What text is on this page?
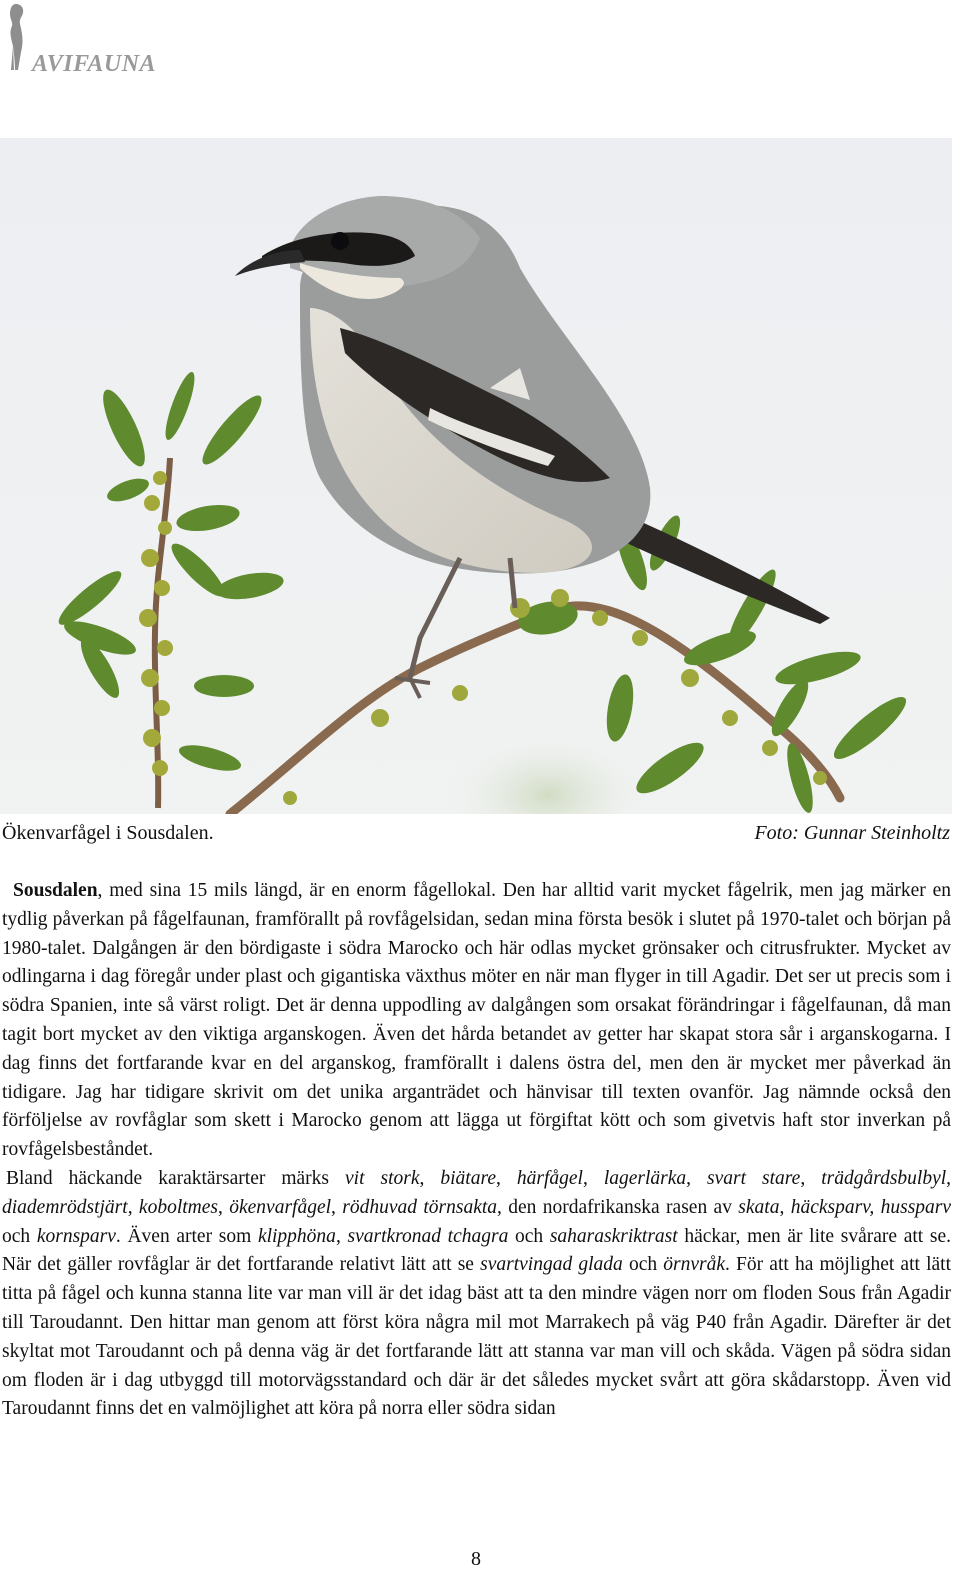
AVIFAUNA
Ökenvarfågel i Sousdalen.	Foto: Gunnar Steinholtz

Sousdalen, med sina 15 mils längd, är en enorm fågellokal. Den har alltid varit mycket fågelrik, men jag märker en tydlig påverkan på fågelfaunan, framförallt på rovfågelsidan, sedan mina första besök i slutet på 1970-talet och början på 1980-talet. Dalgången är den bördigaste i södra Marocko och här odlas mycket grönsaker och citrusfrukter. Mycket av odlingarna i dag föregår under plast och gigantiska växthus möter en när man flyger in till Agadir. Det ser ut precis som i södra Spanien, inte så värst roligt. Det är denna uppodling av dalgången som orsakat förändringar i fågelfaunan, då man tagit bort mycket av den viktiga arganskogen. Även det hårda betandet av getter har skapat stora sår i arganskogarna. I dag finns det fortfarande kvar en del arganskog, framförallt i dalens östra del, men den är mycket mer påverkad än tidigare. Jag har tidigare skrivit om det unika arganträdet och hänvisar till texten ovanför. Jag nämnde också den förföljelse av rovfåglar som skett i Marocko genom att lägga ut förgiftat kött och som givetvis haft stor inverkan på rovfågelsbeståndet.

Bland häckande karaktärsarter märks vit stork, biätare, härfågel, lagerlärka, svart stare, trädgårdsbulbyl, diademrödstjärt, koboltmes, ökenvarfågel, rödhuvad törnsakta, den nordafrikanska rasen av skata, häcksparv, hussparv och kornsparv. Även arter som klipphöna, svartkronad tchagra och saharaskriktrast häckar, men är lite svårare att se. När det gäller rovfåglar är det fortfarande relativt lätt att se svartvingad glada och örnvråk. För att ha möjlighet att lätt titta på fågel och kunna stanna lite var man vill är det idag bäst att ta den mindre vägen norr om floden Sous från Agadir till Taroudannt. Den hittar man genom att först köra några mil mot Marrakech på väg P40 från Agadir. Därefter är det skyltat mot Taroudannt och på denna väg är det fortfarande lätt att stanna var man vill och skåda. Vägen på södra sidan om floden är i dag utbyggd till motorvägsstandard och där är det således mycket svårt att göra skådarstopp. Även vid Taroudannt finns det en valmöjlighet att köra på norra eller södra sidan

8
